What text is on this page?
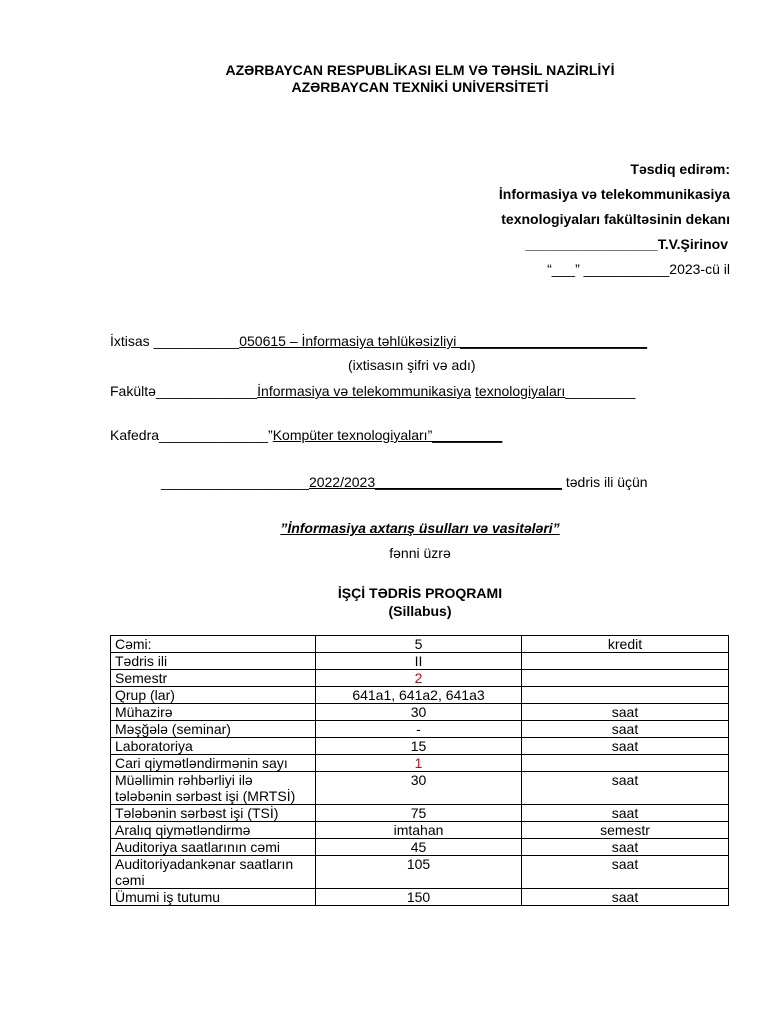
AZƏRBAYCAN RESPUBLİKASI ELM VƏ TƏHSİL NAZİRLİYİ
AZƏRBAYCAN TEXNİKİ UNİVERSİTETİ
Təsdiq edirəm:
İnformasiya və telekommunikasiya
texnologiyaları fakültəsinin dekanı
_________________T.V.Şirinov
“___” ___________2023-cü il
İxtisas ___________050615 – İnformasiya təhlükəsizliyi ________________________
(ixtisasın şifri və adı)
Fakültə_____________İnformasiya və telekommunikasiya texnologiyaları_________
Kafedra______________”Kompüter texnologiyaları”_________
___________________2022/2023________________________ tədris ili üçün
”İnformasiya axtarış üsulları və vasitələri”
fənni üzrə
İŞÇİ TƏDRİS PROQRAMI
(Sillabus)
Cəmi:	5	kredit
Tədris ili	II	
Semestr	2	
Qrup (lar)	641a1, 641a2, 641a3	
Mühazirə	30	saat
Məşğələ (seminar)	-	saat
Laboratoriya	15	saat
Cari qiymətləndirmənin sayı	1	
Müəllimin rəhbərliyi ilə tələbənin sərbəst işi (MRTSİ)	30	saat
Tələbənin sərbəst işi (TSİ)	75	saat
Aralıq qiymətləndirmə	imtahan	semestr
Auditoriya saatlarının cəmi	45	saat
Auditoriyadankənar saatların cəmi	105	saat
Ümumi iş tutumu	150	saat
